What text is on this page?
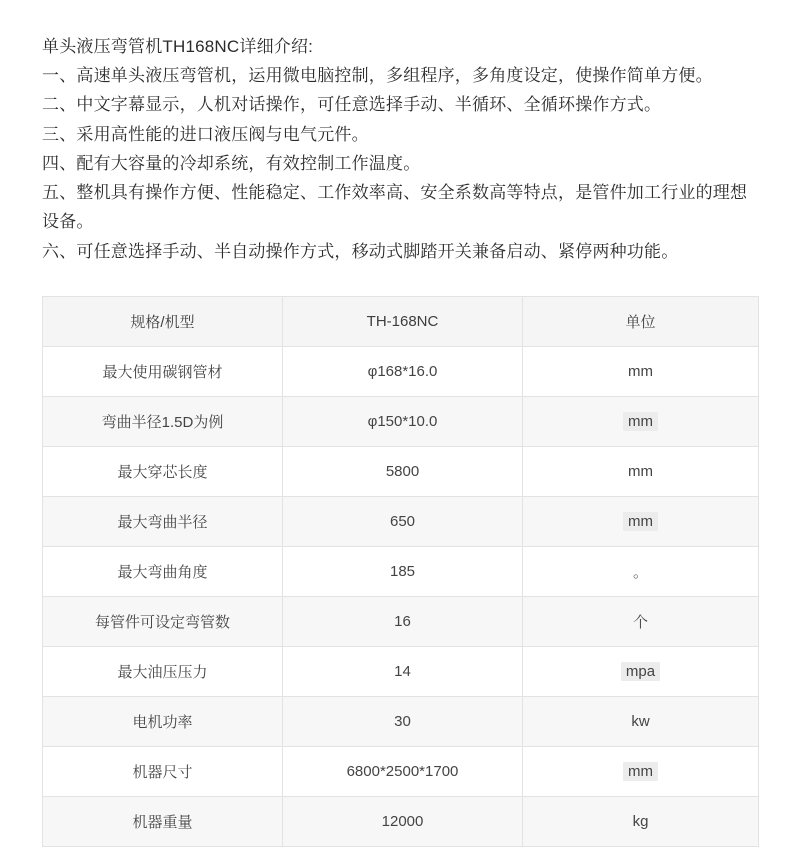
单头液压弯管机TH168NC详细介绍:

一、高速单头液压弯管机，运用微电脑控制，多组程序，多角度设定，使操作简单方便。

二、中文字幕显示，人机对话操作，可任意选择手动、半循环、全循环操作方式。

三、采用高性能的进口液压阀与电气元件。

四、配有大容量的冷却系统，有效控制工作温度。

五、整机具有操作方便、性能稳定、工作效率高、安全系数高等特点，是管件加工行业的理想设备。

六、可任意选择手动、半自动操作方式，移动式脚踏开关兼备启动、紧停两种功能。

规格/机型	TH-168NC	单位
最大使用碳钢管材	φ168*16.0	mm
弯曲半径1.5D为例	φ150*10.0	mm
最大穿芯长度	5800	mm
最大弯曲半径	650	mm
最大弯曲角度	185	。
每管件可设定弯管数	16	个
最大油压压力	14	mpa
电机功率	30	kw
机器尺寸	6800*2500*1700	mm
机器重量	12000	kg
